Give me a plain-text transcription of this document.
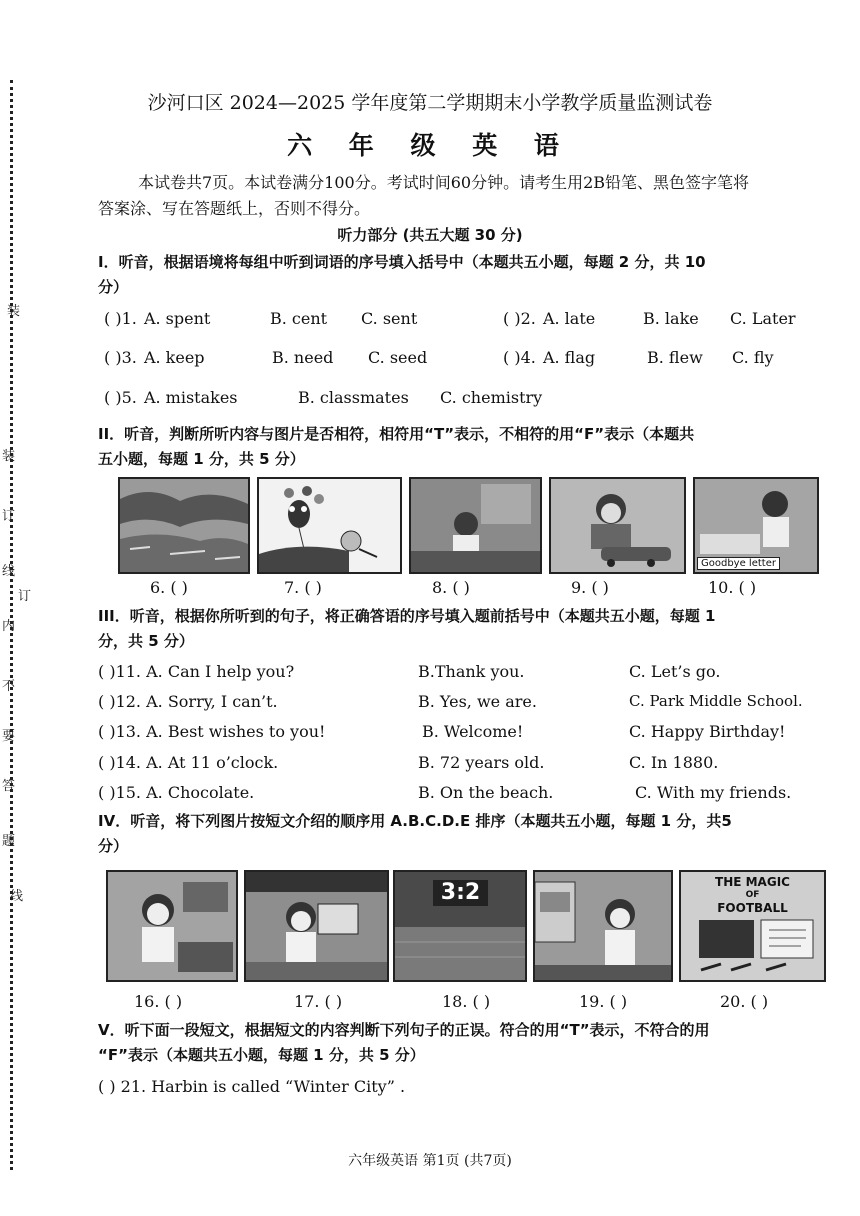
装
装
订
线
订
内
不
要
答
题
线
沙河口区 2024—2025 学年度第二学期期末小学教学质量监测试卷
六 年 级 英 语
本试卷共7页。本试卷满分100分。考试时间60分钟。请考生用2B铅笔、黑色签字笔将
答案涂、写在答题纸上，否则不得分。
听力部分 (共五大题 30 分)
I．听音，根据语境将每组中听到词语的序号填入括号中（本题共五小题，每题 2 分，共 10
分）
( )1. A. spent	B. cent C. sent	( )2. A. late	B. lake C. Later
( )3. A. keep	B. need C. seed	( )4. A. flag	B. flew C. fly
( )5. A. mistakes	B. classmates C. chemistry
II．听音，判断所听内容与图片是否相符，相符用“T”表示，不相符的用“F”表示（本题共
五小题，每题 1 分，共 5 分）
Goodbye letter
6. ( )	7. ( )	8. ( )	9. ( )	10. ( )
III．听音，根据你所听到的句子，将正确答语的序号填入题前括号中（本题共五小题，每题 1
分，共 5 分）
( )11. A. Can I help you?	B.Thank you.	C. Let’s go.
( )12. A. Sorry, I can’t.	B. Yes, we are.	C. Park Middle School.
( )13. A. Best wishes to you!	B. Welcome!	C. Happy Birthday!
( )14. A. At 11 o’clock.	B. 72 years old.	C. In 1880.
( )15. A. Chocolate.	B. On the beach.	C. With my friends.
IV．听音，将下列图片按短文介绍的顺序用 A.B.C.D.E 排序（本题共五小题，每题 1 分，共5
分）
3:2	THE MAGIC
OF
FOOTBALL
16. ( )	17. ( )	18. ( )	19. ( )	20. ( )
V．听下面一段短文，根据短文的内容判断下列句子的正误。符合的用“T”表示，不符合的用
“F”表示（本题共五小题，每题 1 分，共 5 分）
( ) 21. Harbin is called “Winter City” .
六年级英语 第1页 (共7页)
